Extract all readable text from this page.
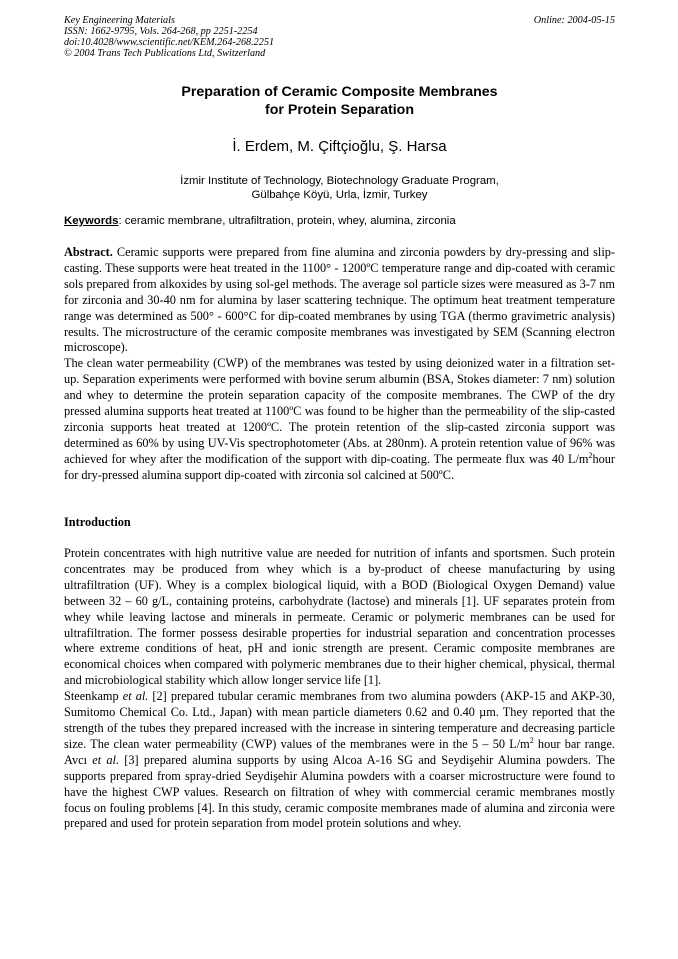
Key Engineering Materials
ISSN: 1662-9795, Vols. 264-268, pp 2251-2254
doi:10.4028/www.scientific.net/KEM.264-268.2251
© 2004 Trans Tech Publications Ltd, Switzerland
Online: 2004-05-15
Preparation of Ceramic Composite Membranes
for Protein Separation
İ. Erdem, M. Çiftçioğlu, Ş. Harsa
İzmir Institute of Technology, Biotechnology Graduate Program,
Gülbahçe Köyü, Urla, İzmir, Turkey
Keywords: ceramic membrane, ultrafiltration, protein, whey, alumina, zirconia

Abstract. Ceramic supports were prepared from fine alumina and zirconia powders by dry-pressing and slip-casting. These supports were heat treated in the 1100° - 1200ºC temperature range and dip-coated with ceramic sols prepared from alkoxides by using sol-gel methods. The average sol particle sizes were measured as 3-7 nm for zirconia and 30-40 nm for alumina by laser scattering technique. The optimum heat treatment temperature range was determined as 500° - 600°C for dip-coated membranes by using TGA (thermo gravimetric analysis) results. The microstructure of the ceramic composite membranes was investigated by SEM (Scanning electron microscope).

The clean water permeability (CWP) of the membranes was tested by using deionized water in a filtration set-up. Separation experiments were performed with bovine serum albumin (BSA, Stokes diameter: 7 nm) solution and whey to determine the protein separation capacity of the composite membranes. The CWP of the dry pressed alumina supports heat treated at 1100ºC was found to be higher than the permeability of the slip-casted zirconia supports heat treated at 1200ºC. The protein retention of the slip-casted zirconia support was determined as 60% by using UV-Vis spectrophotometer (Abs. at 280nm). A protein retention value of 96% was achieved for whey after the modification of the support with dip-coating. The permeate flux was 40 $L/m^2hour$ for dry-pressed alumina support dip-coated with zirconia sol calcined at 500ºC.

Introduction

Protein concentrates with high nutritive value are needed for nutrition of infants and sportsmen. Such protein concentrates may be produced from whey which is a by-product of cheese manufacturing by using ultrafiltration (UF). Whey is a complex biological liquid, with a BOD (Biological Oxygen Demand) value between 32 – 60 g/L, containing proteins, carbohydrate (lactose) and minerals [1]. UF separates protein from whey while leaving lactose and minerals in permeate. Ceramic or polymeric membranes can be used for ultrafiltration. The former possess desirable properties for industrial separation and concentration processes where extreme conditions of heat, pH and ionic strength are present. Ceramic composite membranes are economical choices when compared with polymeric membranes due to their higher chemical, physical, thermal and microbiological stability which allow longer service life [1].

Steenkamp et al. [2] prepared tubular ceramic membranes from two alumina powders (AKP-15 and AKP-30, Sumitomo Chemical Co. Ltd., Japan) with mean particle diameters 0.62 and 0.40 µm. They reported that the strength of the tubes they prepared increased with the increase in sintering temperature and decreasing particle size. The clean water permeability (CWP) values of the membranes were in the 5 – 50 $L/m^2$ hour bar range. Avcı et al. [3] prepared alumina supports by using Alcoa A-16 SG and Seydişehir Alumina powders. The supports prepared from spray-dried Seydişehir Alumina powders with a coarser microstructure were found to have the highest CWP values. Research on filtration of whey with commercial ceramic membranes mostly focus on fouling problems [4]. In this study, ceramic composite membranes made of alumina and zirconia were prepared and used for protein separation from model protein solutions and whey.
